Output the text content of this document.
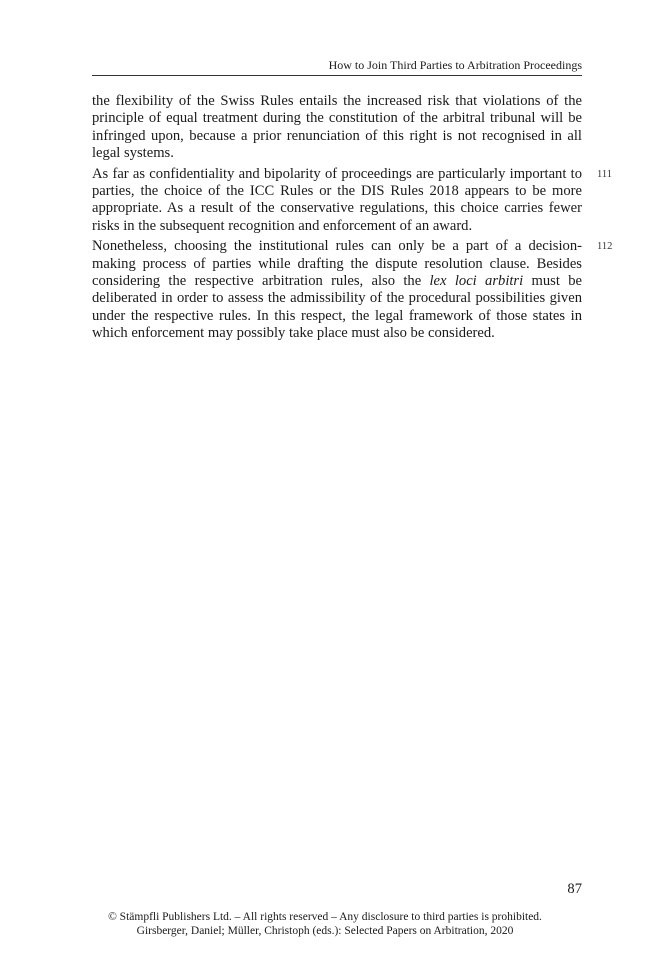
How to Join Third Parties to Arbitration Proceedings

the flexibility of the Swiss Rules entails the increased risk that violations of the principle of equal treatment during the constitution of the arbitral tribunal will be infringed upon, because a prior renunciation of this right is not recognised in all legal systems.

As far as confidentiality and bipolarity of proceedings are particularly important to parties, the choice of the ICC Rules or the DIS Rules 2018 appears to be more appropriate. As a result of the conservative regulations, this choice carries fewer risks in the subsequent recognition and enforcement of an award.
111

Nonetheless, choosing the institutional rules can only be a part of a decision-making process of parties while drafting the dispute resolution clause. Besides considering the respective arbitration rules, also the lex loci arbitri must be deliberated in order to assess the admissibility of the procedural possibilities given under the respective rules. In this respect, the legal framework of those states in which enforcement may possibly take place must also be considered.
112

87
© Stämpfli Publishers Ltd. – All rights reserved – Any disclosure to third parties is prohibited.
Girsberger, Daniel; Müller, Christoph (eds.): Selected Papers on Arbitration, 2020
